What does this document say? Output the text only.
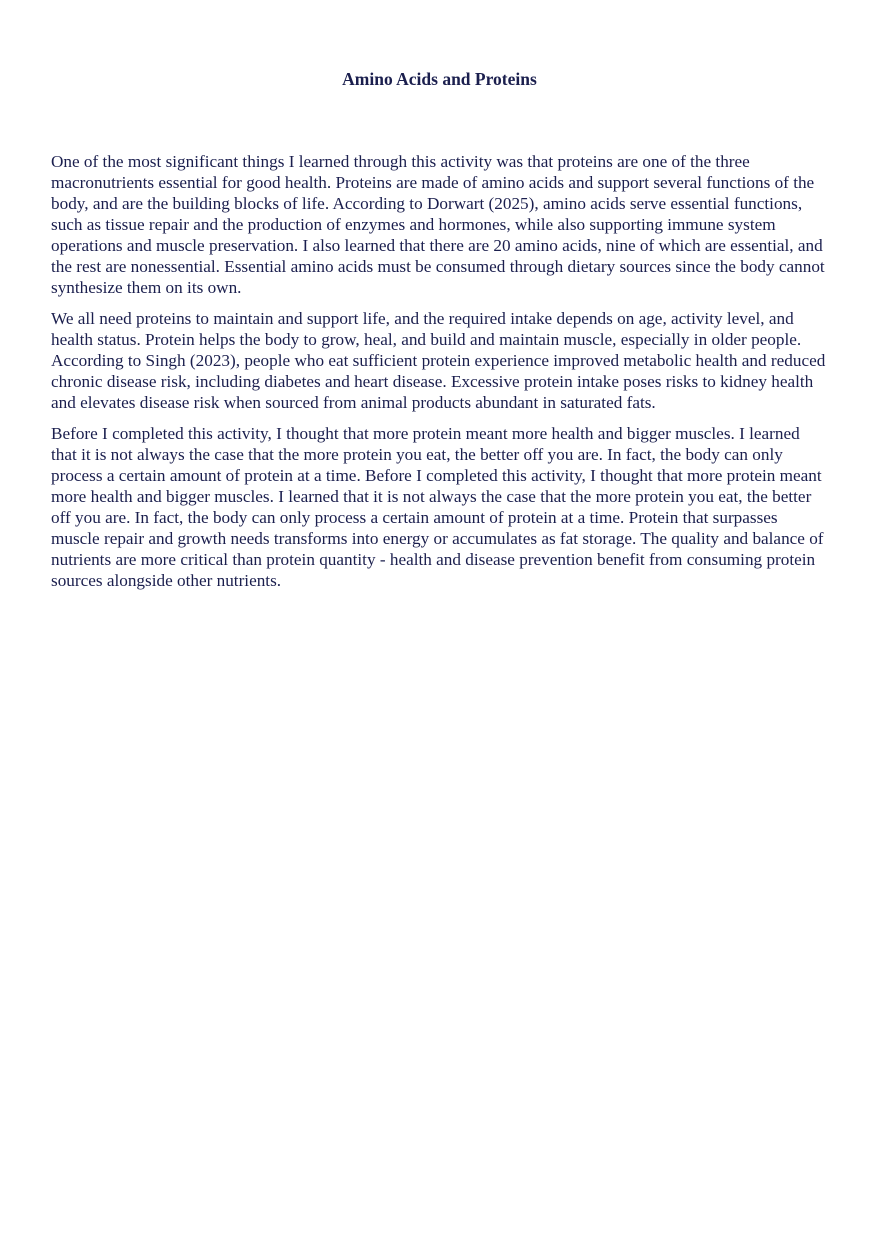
Amino Acids and Proteins

One of the most significant things I learned through this activity was that proteins are one of the three macronutrients essential for good health. Proteins are made of amino acids and support several functions of the body, and are the building blocks of life. According to Dorwart (2025), amino acids serve essential functions, such as tissue repair and the production of enzymes and hormones, while also supporting immune system operations and muscle preservation. I also learned that there are 20 amino acids, nine of which are essential, and the rest are nonessential. Essential amino acids must be consumed through dietary sources since the body cannot synthesize them on its own.

We all need proteins to maintain and support life, and the required intake depends on age, activity level, and health status. Protein helps the body to grow, heal, and build and maintain muscle, especially in older people. According to Singh (2023), people who eat sufficient protein experience improved metabolic health and reduced chronic disease risk, including diabetes and heart disease. Excessive protein intake poses risks to kidney health and elevates disease risk when sourced from animal products abundant in saturated fats.

Before I completed this activity, I thought that more protein meant more health and bigger muscles. I learned that it is not always the case that the more protein you eat, the better off you are. In fact, the body can only process a certain amount of protein at a time. Before I completed this activity, I thought that more protein meant more health and bigger muscles. I learned that it is not always the case that the more protein you eat, the better off you are. In fact, the body can only process a certain amount of protein at a time. Protein that surpasses muscle repair and growth needs transforms into energy or accumulates as fat storage. The quality and balance of nutrients are more critical than protein quantity - health and disease prevention benefit from consuming protein sources alongside other nutrients.
